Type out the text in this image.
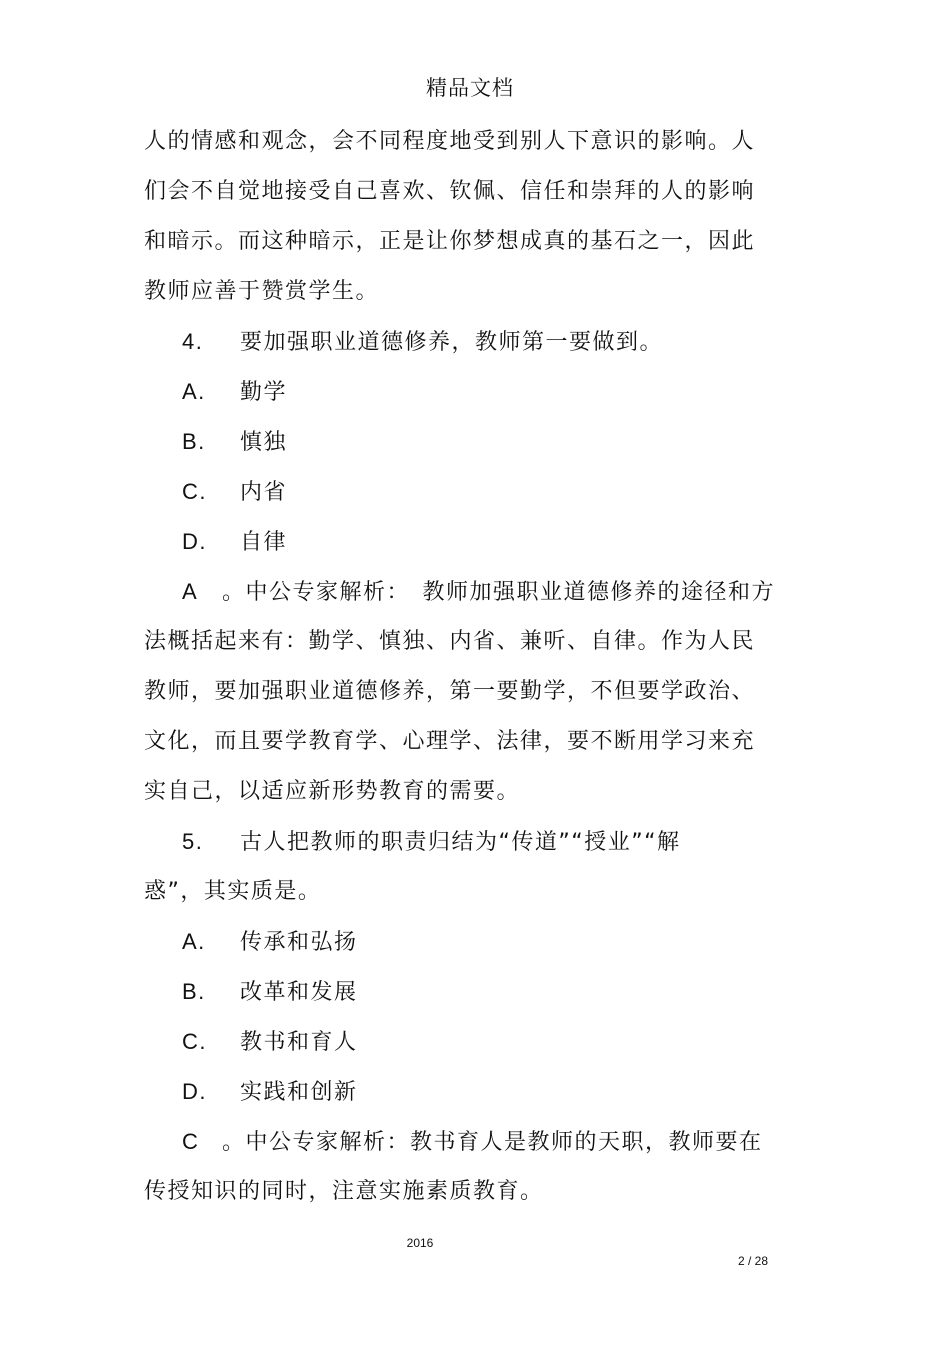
精品文档
人的情感和观念，会不同程度地受到别人下意识的影响。人
们会不自觉地接受自己喜欢、钦佩、信任和崇拜的人的影响
和暗示。而这种暗示，正是让你梦想成真的基石之一，因此
教师应善于赞赏学生。
4. 要加强职业道德修养，教师第一要做到。
A. 勤学
B. 慎独
C. 内省
D. 自律
A 。中公专家解析：　教师加强职业道德修养的途径和方
法概括起来有：勤学、慎独、内省、兼听、自律。作为人民
教师，要加强职业道德修养，第一要勤学，不但要学政治、
文化，而且要学教育学、心理学、法律，要不断用学习来充
实自己，以适应新形势教育的需要。
5. 古人把教师的职责归结为“传道”“授业”“解
惑”，其实质是。
A. 传承和弘扬
B. 改革和发展
C. 教书和育人
D. 实践和创新
C 。中公专家解析：教书育人是教师的天职，教师要在
传授知识的同时，注意实施素质教育。
2016
2 / 28
